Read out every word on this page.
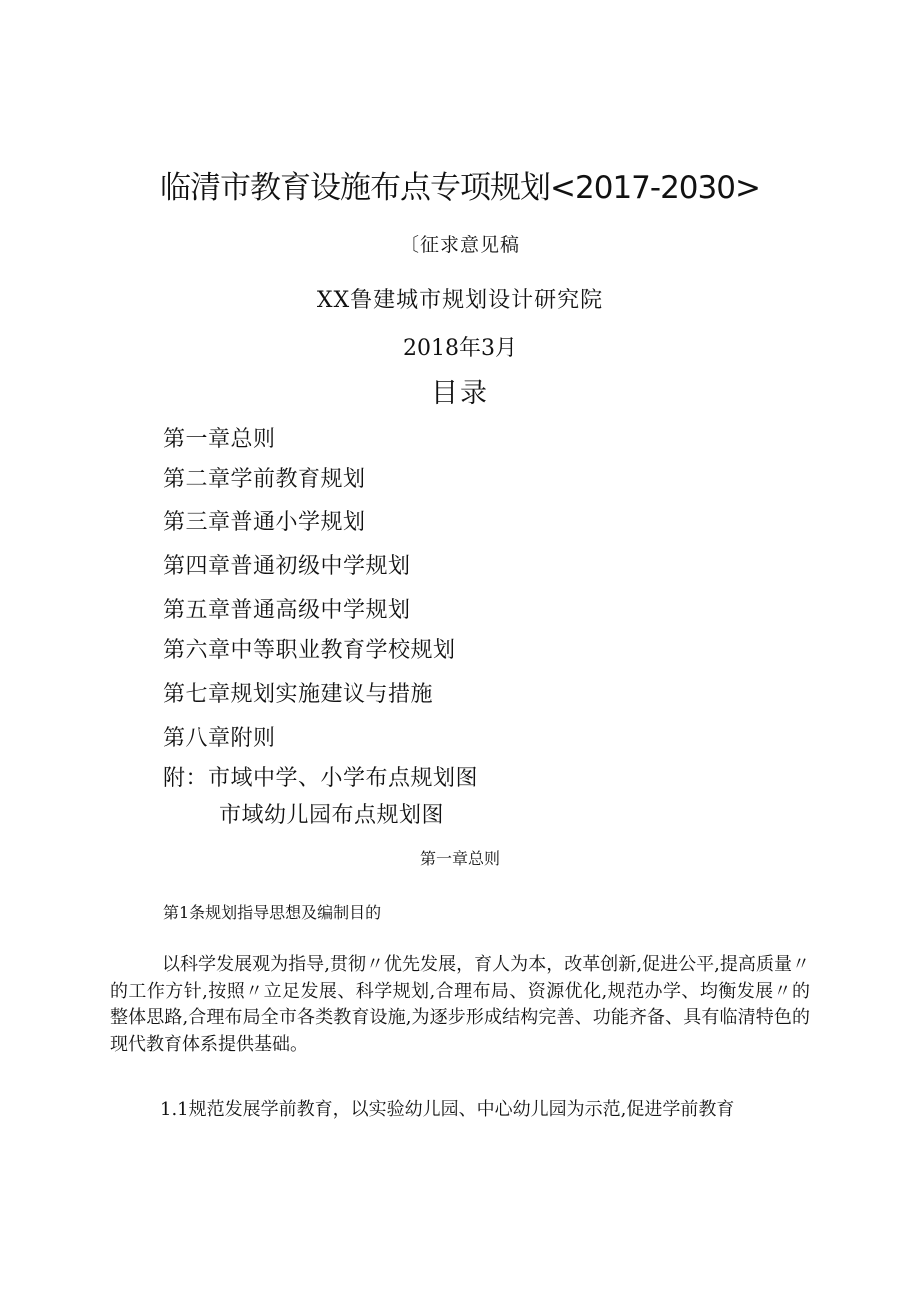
临清市教育设施布点专项规划<2017-2030>
〔征求意见稿
XX鲁建城市规划设计研究院
2018年3月
目录
第一章总则
第二章学前教育规划
第三章普通小学规划
第四章普通初级中学规划
第五章普通高级中学规划
第六章中等职业教育学校规划
第七章规划实施建议与措施
第八章附则
附：市域中学、小学布点规划图
市域幼儿园布点规划图
第一章总则
第1条规划指导思想及编制目的
以科学发展观为指导,贯彻〃优先发展，育人为本，改革创新,促进公平,提高质量〃的工作方针,按照〃立足发展、科学规划,合理布局、资源优化,规范办学、均衡发展〃的整体思路,合理布局全市各类教育设施,为逐步形成结构完善、功能齐备、具有临清特色的现代教育体系提供基础。
1.1规范发展学前教育，以实验幼儿园、中心幼儿园为示范,促进学前教育
